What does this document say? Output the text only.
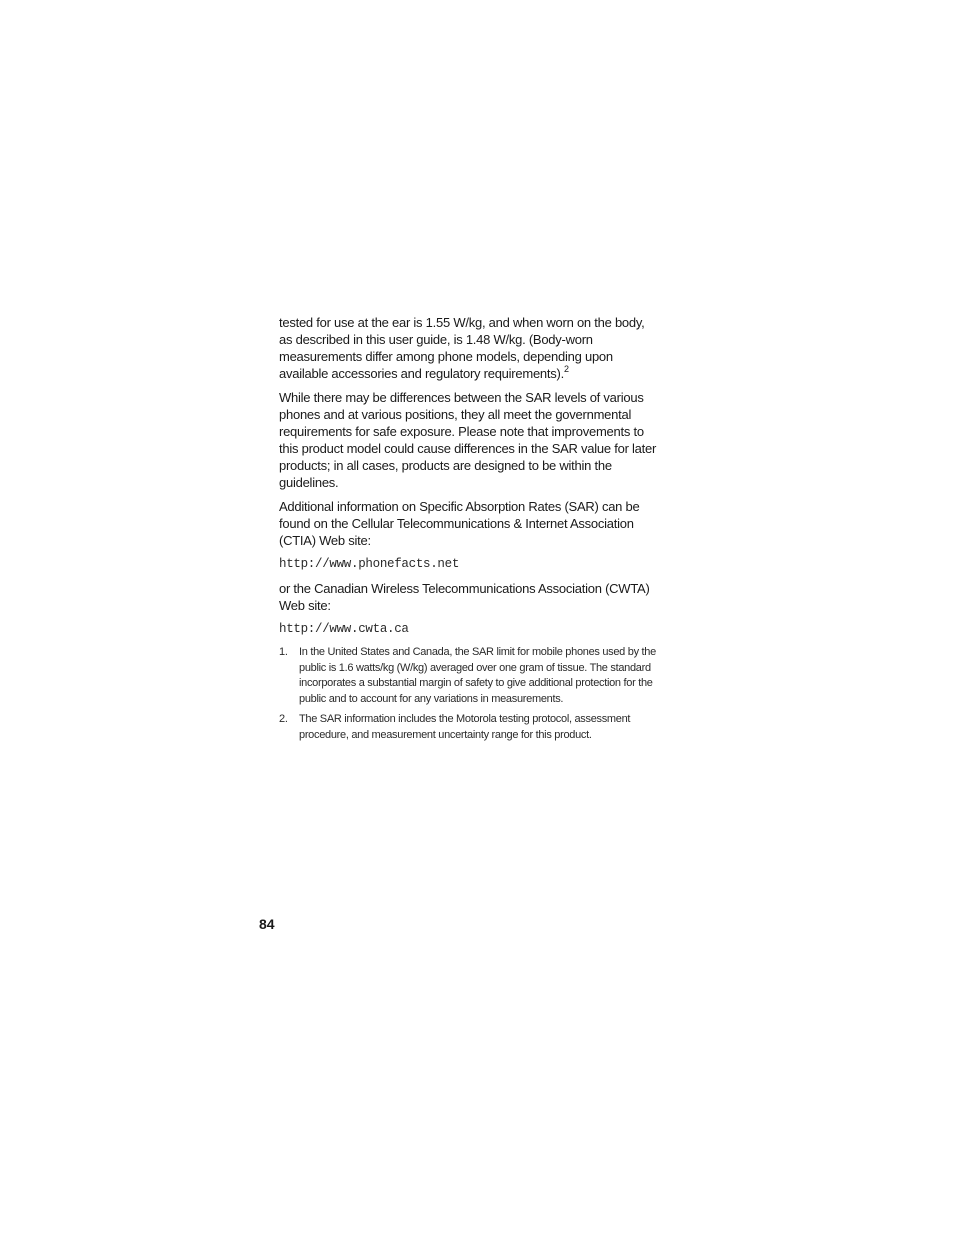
tested for use at the ear is 1.55 W/kg, and when worn on the body, as described in this user guide, is 1.48 W/kg. (Body-worn measurements differ among phone models, depending upon available accessories and regulatory requirements).$^2$

While there may be differences between the SAR levels of various phones and at various positions, they all meet the governmental requirements for safe exposure. Please note that improvements to this product model could cause differences in the SAR value for later products; in all cases, products are designed to be within the guidelines.

Additional information on Specific Absorption Rates (SAR) can be found on the Cellular Telecommunications & Internet Association (CTIA) Web site:

http://www.phonefacts.net

or the Canadian Wireless Telecommunications Association (CWTA) Web site:

http://www.cwta.ca

1.	In the United States and Canada, the SAR limit for mobile phones used by the public is 1.6 watts/kg (W/kg) averaged over one gram of tissue. The standard incorporates a substantial margin of safety to give additional protection for the public and to account for any variations in measurements.
2.	The SAR information includes the Motorola testing protocol, assessment procedure, and measurement uncertainty range for this product.
84
